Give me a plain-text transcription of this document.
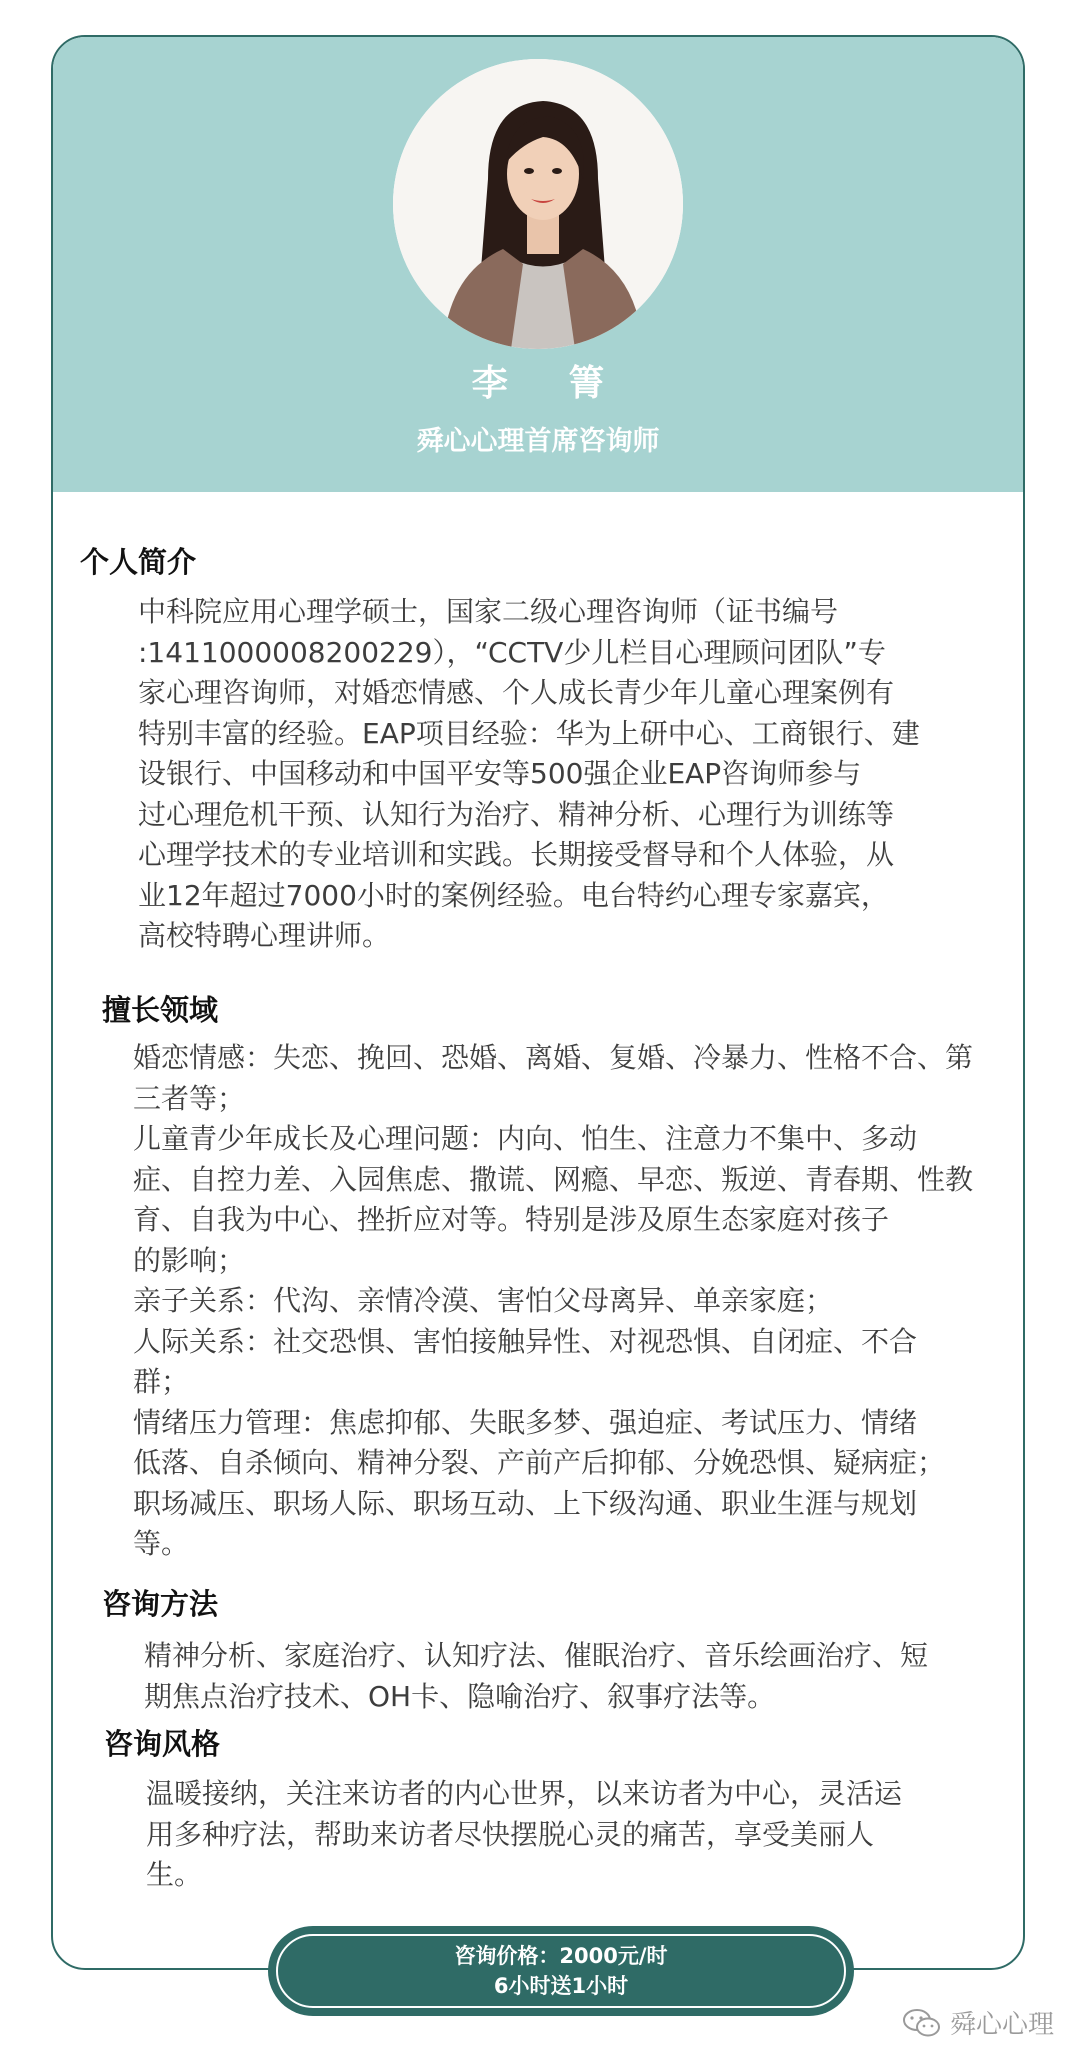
李 箐
舜心心理首席咨询师
个人简介
中科院应用心理学硕士，国家二级心理咨询师（证书编号
:1411000008200229），“CCTV少儿栏目心理顾问团队”专
家心理咨询师，对婚恋情感、个人成长青少年儿童心理案例有
特别丰富的经验。EAP项目经验：华为上研中心、工商银行、建
设银行、中国移动和中国平安等500强企业EAP咨询师参与
过心理危机干预、认知行为治疗、精神分析、心理行为训练等
心理学技术的专业培训和实践。长期接受督导和个人体验，从
业12年超过7000小时的案例经验。电台特约心理专家嘉宾，
高校特聘心理讲师。
擅长领域
婚恋情感：失恋、挽回、恐婚、离婚、复婚、冷暴力、性格不合、第
三者等；
儿童青少年成长及心理问题：内向、怕生、注意力不集中、多动
症、自控力差、入园焦虑、撒谎、网瘾、早恋、叛逆、青春期、性教
育、自我为中心、挫折应对等。特别是涉及原生态家庭对孩子
的影响；
亲子关系：代沟、亲情冷漠、害怕父母离异、单亲家庭；
人际关系：社交恐惧、害怕接触异性、对视恐惧、自闭症、不合
群；
情绪压力管理：焦虑抑郁、失眠多梦、强迫症、考试压力、情绪
低落、自杀倾向、精神分裂、产前产后抑郁、分娩恐惧、疑病症；
职场减压、职场人际、职场互动、上下级沟通、职业生涯与规划
等。
咨询方法
精神分析、家庭治疗、认知疗法、催眠治疗、音乐绘画治疗、短
期焦点治疗技术、OH卡、隐喻治疗、叙事疗法等。
咨询风格
温暖接纳，关注来访者的内心世界，以来访者为中心，灵活运
用多种疗法，帮助来访者尽快摆脱心灵的痛苦，享受美丽人
生。
咨询价格：2000元/时
6小时送1小时
舜心心理
